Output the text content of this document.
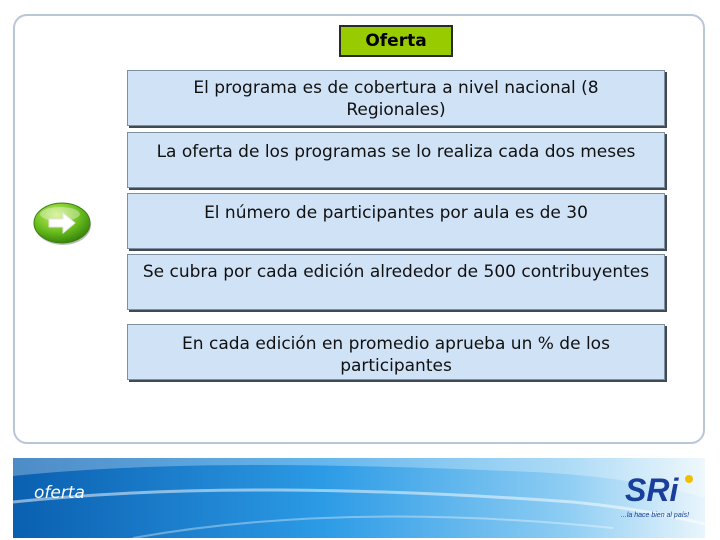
Oferta
El programa es de cobertura a nivel nacional (8
Regionales)
La oferta de los programas se lo realiza cada dos meses
El número de participantes por aula es de 30
Se cubra por cada edición alrededor de 500 contribuyentes
En cada edición en promedio aprueba un % de los
participantes
oferta	SRi
...la hace bien al país!
